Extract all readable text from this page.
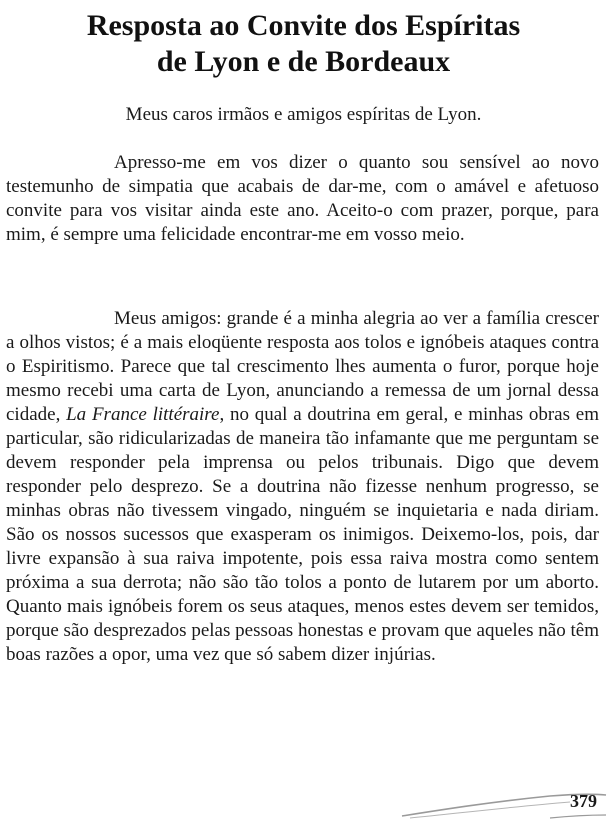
Resposta ao Convite dos Espíritas
de Lyon e de Bordeaux

Meus caros irmãos e amigos espíritas de Lyon.

Apresso-me em vos dizer o quanto sou sensível ao novo testemunho de simpatia que acabais de dar-me, com o amável e afetuoso convite para vos visitar ainda este ano. Aceito-o com prazer, porque, para mim, é sempre uma felicidade encontrar-me em vosso meio.

Meus amigos: grande é a minha alegria ao ver a família crescer a olhos vistos; é a mais eloqüente resposta aos tolos e ignóbeis ataques contra o Espiritismo. Parece que tal crescimento lhes aumenta o furor, porque hoje mesmo recebi uma carta de Lyon, anunciando a remessa de um jornal dessa cidade, La France littéraire, no qual a doutrina em geral, e minhas obras em particular, são ridicularizadas de maneira tão infamante que me perguntam se devem responder pela imprensa ou pelos tribunais. Digo que devem responder pelo desprezo. Se a doutrina não fizesse nenhum progresso, se minhas obras não tivessem vingado, ninguém se inquietaria e nada diriam. São os nossos sucessos que exasperam os inimigos. Deixemo-los, pois, dar livre expansão à sua raiva impotente, pois essa raiva mostra como sentem próxima a sua derrota; não são tão tolos a ponto de lutarem por um aborto. Quanto mais ignóbeis forem os seus ataques, menos estes devem ser temidos, porque são desprezados pelas pessoas honestas e provam que aqueles não têm boas razões a opor, uma vez que só sabem dizer injúrias.

379
